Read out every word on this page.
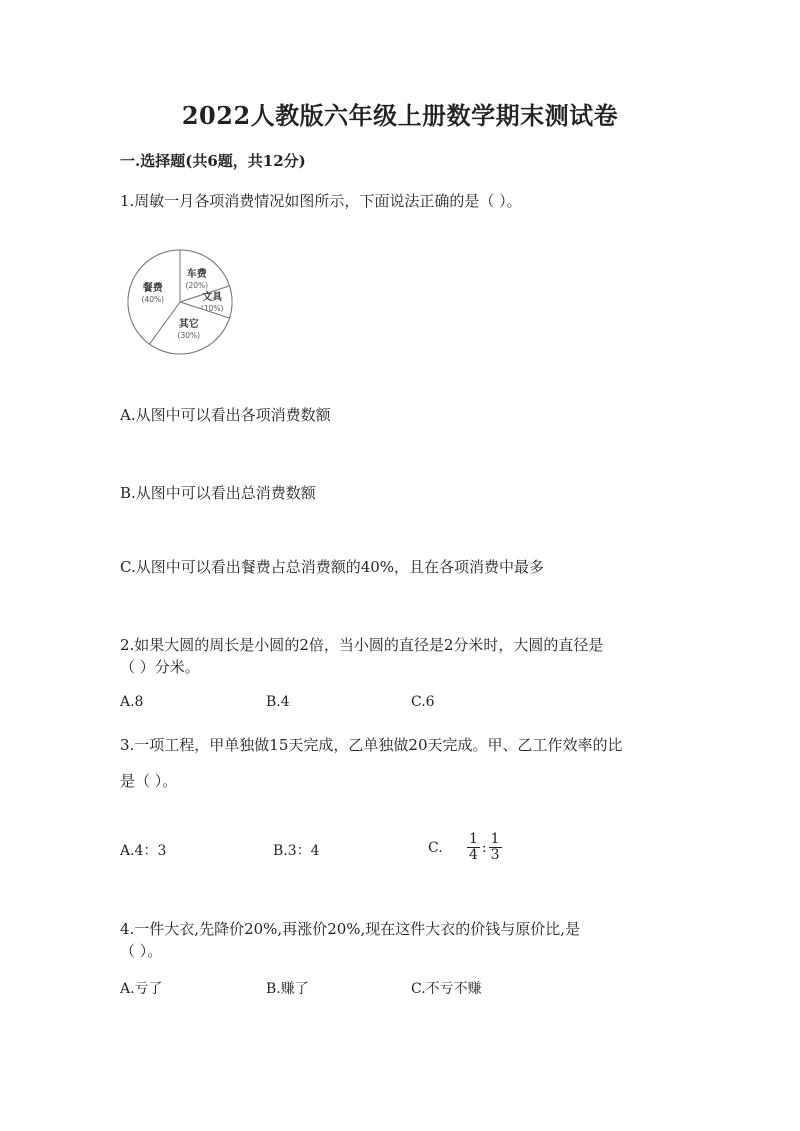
2022人教版六年级上册数学期末测试卷
一.选择题(共6题，共12分)
1.周敏一月各项消费情况如图所示，下面说法正确的是（ ）。
车费
(20%)
文具
(10%)
其它
(30%)
餐费
(40%)
A.从图中可以看出各项消费数额
B.从图中可以看出总消费数额
C.从图中可以看出餐费占总消费额的40%，且在各项消费中最多
2.如果大圆的周长是小圆的2倍，当小圆的直径是2分米时，大圆的直径是
（ ）分米。
A.8	B.4	C.6
3.一项工程，甲单独做15天完成，乙单独做20天完成。甲、乙工作效率的比
是（ ）。
A.4：3	B.3：4	C. $\frac{1}{4}$ : $\frac{1}{3}$
4.一件大衣,先降价20%,再涨价20%,现在这件大衣的价钱与原价比,是
（ ）。
A.亏了	B.赚了	C.不亏不赚
